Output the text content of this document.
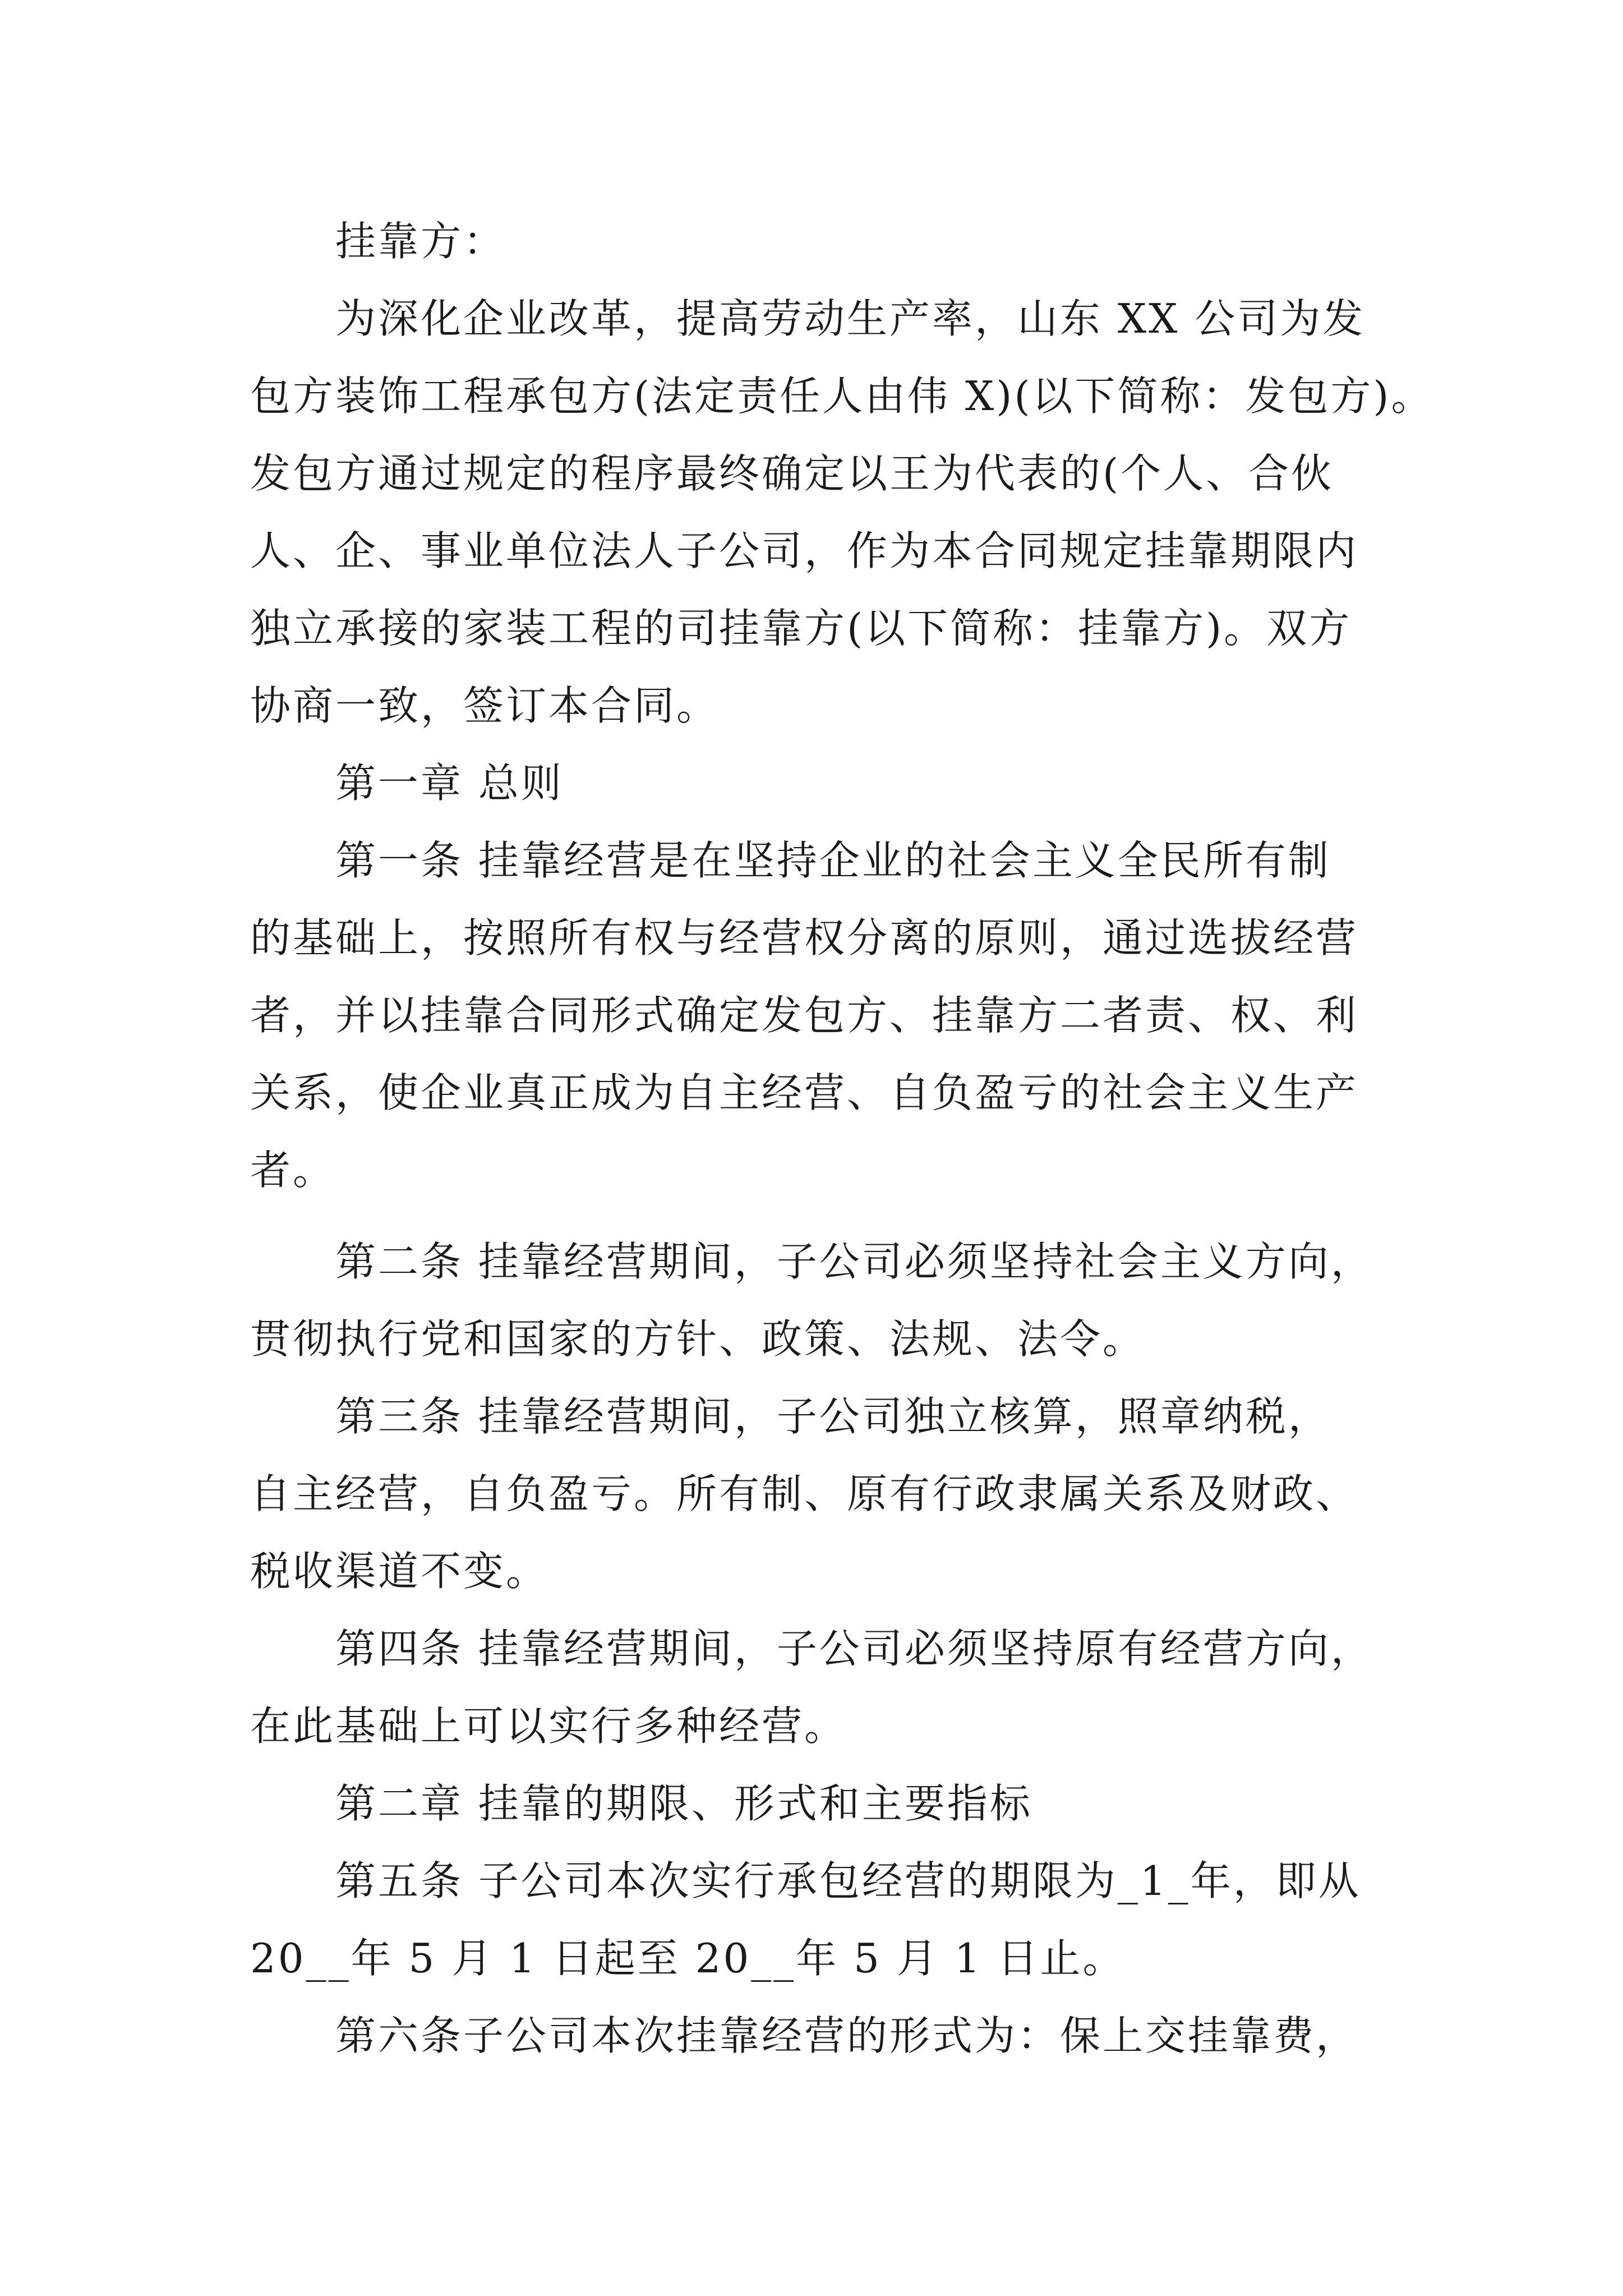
挂靠方：

为深化企业改革，提高劳动生产率，山东 XX 公司为发

包方装饰工程承包方(法定责任人由伟 X)(以下简称：发包方)。

发包方通过规定的程序最终确定以王为代表的(个人、合伙

人、企、事业单位法人子公司，作为本合同规定挂靠期限内

独立承接的家装工程的司挂靠方(以下简称：挂靠方)。双方

协商一致，签订本合同。

第一章 总则

第一条 挂靠经营是在坚持企业的社会主义全民所有制

的基础上，按照所有权与经营权分离的原则，通过选拔经营

者，并以挂靠合同形式确定发包方、挂靠方二者责、权、利

关系，使企业真正成为自主经营、自负盈亏的社会主义生产

者。

第二条 挂靠经营期间，子公司必须坚持社会主义方向，

贯彻执行党和国家的方针、政策、法规、法令。

第三条 挂靠经营期间，子公司独立核算，照章纳税，

自主经营，自负盈亏。所有制、原有行政隶属关系及财政、

税收渠道不变。

第四条 挂靠经营期间，子公司必须坚持原有经营方向，

在此基础上可以实行多种经营。

第二章 挂靠的期限、形式和主要指标

第五条 子公司本次实行承包经营的期限为_1_年，即从

20__年 5 月 1 日起至 20__年 5 月 1 日止。

第六条子公司本次挂靠经营的形式为：保上交挂靠费，
